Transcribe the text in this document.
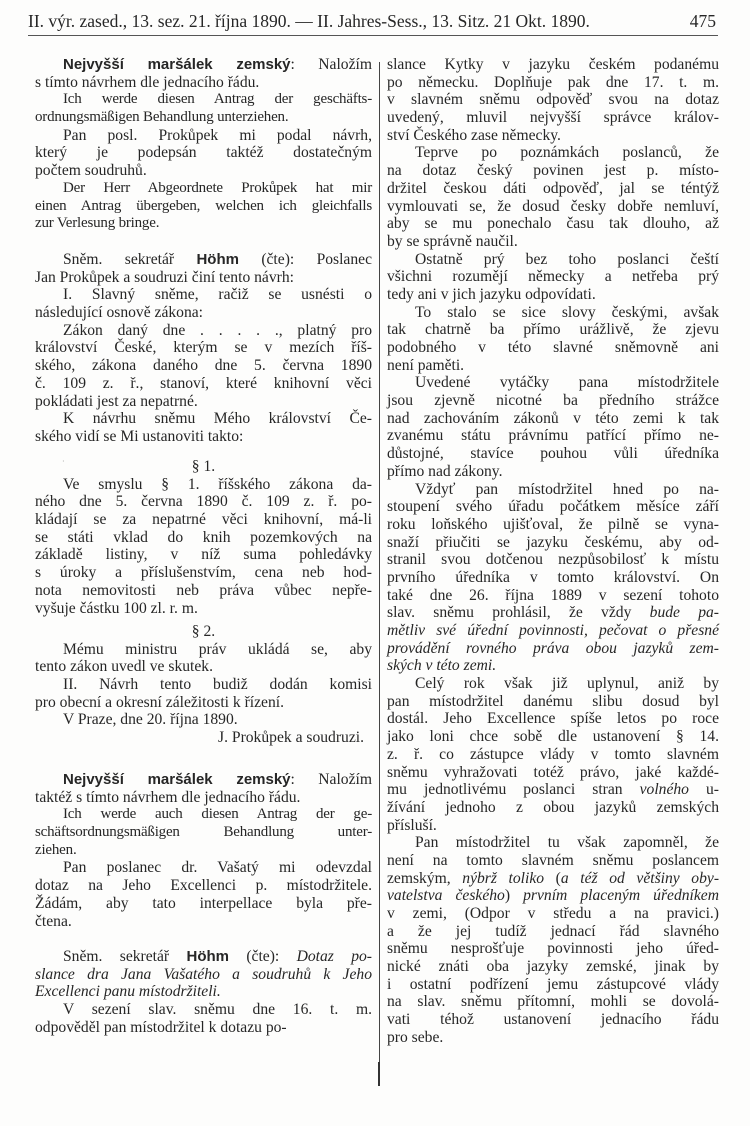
II. výr. zased., 13. sez. 21. října 1890. — II. Jahres-Sess., 13. Sitz. 21 Okt. 1890.	475
·
Nejvyšší maršálek zemský: Naložím
s tímto návrhem dle jednacího řádu.
Ich werde diesen Antrag der geschäfts-
ordnungsmäßigen Behandlung unterziehen.
Pan posl. Prokůpek mi podal návrh,
který je podepsán taktéž dostatečným
počtem soudruhů.
Der Herr Abgeordnete Prokůpek hat mir
einen Antrag übergeben, welchen ich gleichfalls
zur Verlesung bringe.
Sněm. sekretář Höhm (čte): Poslanec
Jan Prokůpek a soudruzi činí tento návrh:
I. Slavný sněme, račiž se usnésti o
následující osnově zákona:
Zákon daný dne . . . . ., platný pro
království České, kterým se v mezích říš-
ského, zákona daného dne 5. června 1890
č. 109 z. ř., stanoví, které knihovní věci
pokládati jest za nepatrné.
K návrhu sněmu Mého království Če-
ského vidí se Mi ustanoviti takto:
§ 1.
Ve smyslu § 1. říšského zákona da-
ného dne 5. června 1890 č. 109 z. ř. po-
kládají se za nepatrné věci knihovní, má-li
se státi vklad do knih pozemkových na
základě listiny, v níž suma pohledávky
s úroky a příslušenstvím, cena neb hod-
nota nemovitosti neb práva vůbec nepře-
vyšuje částku 100 zl. r. m.
§ 2.
Mému ministru práv ukládá se, aby
tento zákon uvedl ve skutek.
II. Návrh tento budiž dodán komisi
pro obecní a okresní záležitosti k řízení.
V Praze, dne 20. října 1890.
J. Prokůpek a soudruzi.
Nejvyšší maršálek zemský: Naložím
taktéž s tímto návrhem dle jednacího řádu.
Ich werde auch diesen Antrag der ge-
schäftsordnungsmäßigen Behandlung unter-
ziehen.
Pan poslanec dr. Vašatý mi odevzdal
dotaz na Jeho Excellenci p. místodržitele.
Žádám, aby tato interpellace byla pře-
čtena.
Sněm. sekretář Höhm (čte): Dotaz po-
slance dra Jana Vašatého a soudruhů k Jeho
Excellenci panu místodržiteli.
V sezení slav. sněmu dne 16. t. m.
odpověděl pan místodržitel k dotazu po-
slance Kytky v jazyku českém podanému
po německu. Doplňuje pak dne 17. t. m.
v slavném sněmu odpověď svou na dotaz
uvedený, mluvil nejvyšší správce králov-
ství Českého zase německy.
Teprve po poznámkách poslanců, že
na dotaz český povinen jest p. místo-
držitel českou dáti odpověď, jal se téntýž
vymlouvati se, že dosud česky dobře nemluví,
aby se mu ponechalo času tak dlouho, až
by se správně naučil.
Ostatně prý bez toho poslanci čeští
všichni rozumějí německy a netřeba prý
tedy ani v jich jazyku odpovídati.
To stalo se sice slovy českými, avšak
tak chatrně ba přímo urážlivě, že zjevu
podobného v této slavné sněmovně ani
není paměti.
Uvedené vytáčky pana místodržitele
jsou zjevně nicotné ba předního strážce
nad zachováním zákonů v této zemi k tak
zvanému státu právnímu patřící přímo ne-
důstojné, stavíce pouhou vůli úředníka
přímo nad zákony.
Vždyť pan místodržitel hned po na-
stoupení svého úřadu počátkem měsíce září
roku loňského ujišťoval, že pilně se vyna-
snaží přiučiti se jazyku českému, aby od-
stranil svou dotčenou nezpůsobilosť k místu
prvního úředníka v tomto království. On
také dne 26. října 1889 v sezení tohoto
slav. sněmu prohlásil, že vždy bude pa-
mětliv své úřední povinnosti, pečovat o přesné
provádění rovného práva obou jazyků zem-
ských v této zemi.
Celý rok však již uplynul, aniž by
pan místodržitel danému slibu dosud byl
dostál. Jeho Excellence spíše letos po roce
jako loni chce sobě dle ustanovení § 14.
z. ř. co zástupce vlády v tomto slavném
sněmu vyhražovati totéž právo, jaké každé-
mu jednotlivému poslanci stran volného u-
žívání jednoho z obou jazyků zemských
přísluší.
Pan místodržitel tu však zapomněl, že
není na tomto slavném sněmu poslancem
zemským, nýbrž toliko (a též od většiny oby-
vatelstva českého) prvním placeným úředníkem
v zemi, (Odpor v středu a na pravici.)
a že jej tudíž jednací řád slavného
sněmu nesprošťuje povinnosti jeho úřed-
nické znáti oba jazyky zemské, jinak by
i ostatní podřízení jemu zástupcové vlády
na slav. sněmu přítomní, mohli se dovolá-
vati téhož ustanovení jednacího řádu
pro sebe.
